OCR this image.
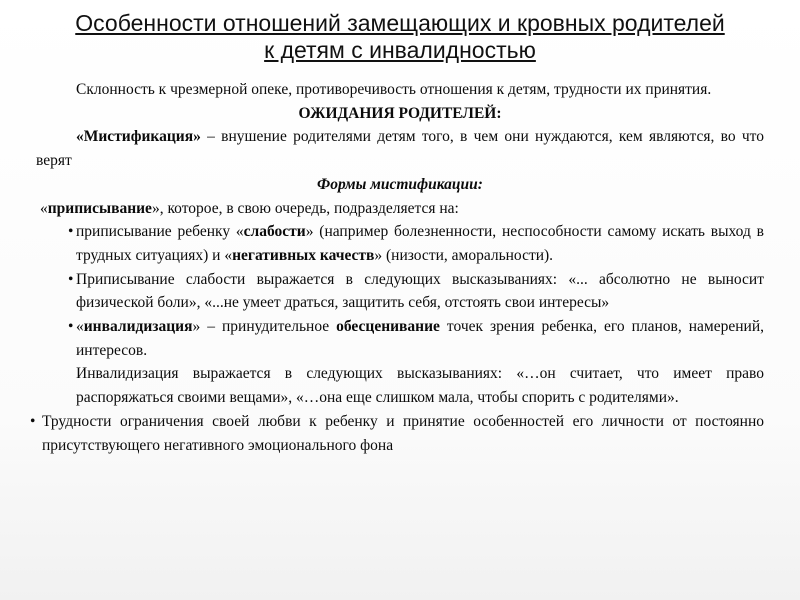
Особенности отношений замещающих и кровных родителей
к детям с инвалидностью

Склонность к чрезмерной опеке, противоречивость отношения к детям, трудности их принятия.

ОЖИДАНИЯ РОДИТЕЛЕЙ:

«Мистификация» – внушение родителями детям того, в чем они нуждаются, кем являются, во что верят

Формы мистификации:

«приписывание», которое, в свою очередь, подразделяется на:

• приписывание ребенку «слабости» (например болезненности, неспособности самому искать выход в трудных ситуациях) и «негативных качеств» (низости, аморальности).

• Приписывание слабости выражается в следующих высказываниях: «... абсолютно не выносит физической боли», «...не умеет драться, защитить себя, отстоять свои интересы»

• «инвалидизация» – принудительное обесценивание точек зрения ребенка, его планов, намерений, интересов.

Инвалидизация выражается в следующих высказываниях: «…он считает, что имеет право распоряжаться своими вещами», «…она еще слишком мала, чтобы спорить с родителями».

• Трудности ограничения своей любви к ребенку и принятие особенностей его личности от постоянно присутствующего негативного эмоционального фона
